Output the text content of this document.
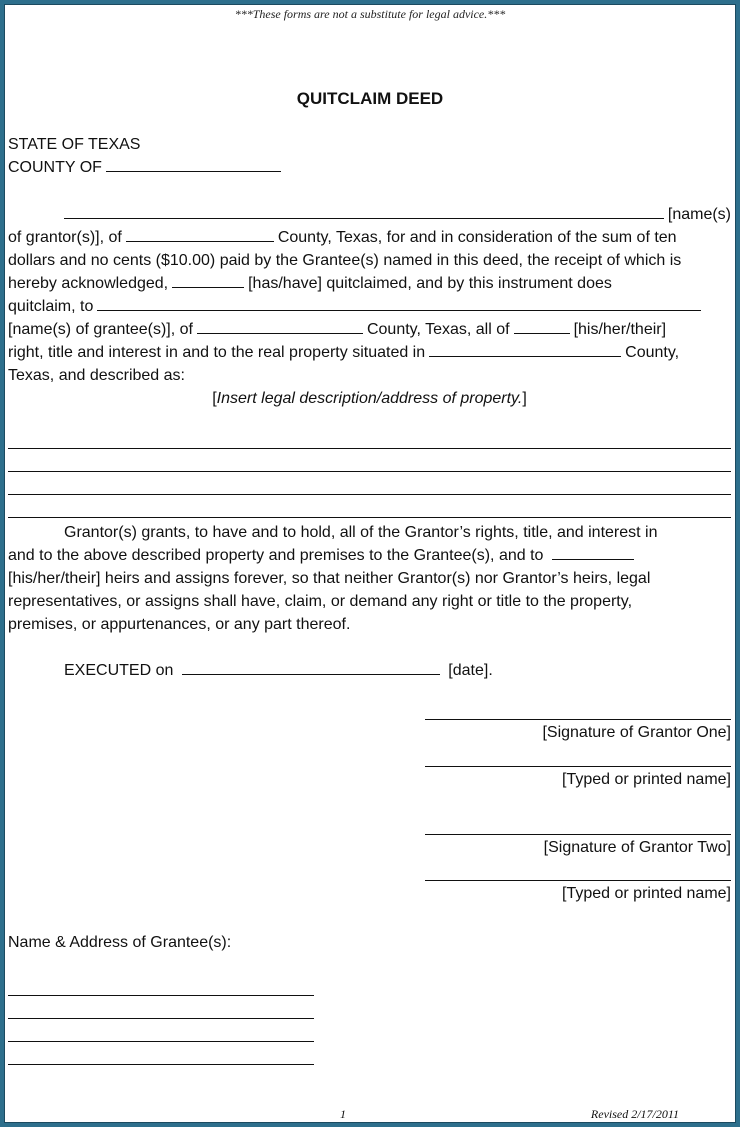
***These forms are not a substitute for legal advice.***
QUITCLAIM DEED
STATE OF TEXAS
COUNTY OF
[name(s)
of grantor(s)], of	County, Texas, for and in consideration of the sum of ten
dollars and no cents ($10.00) paid by the Grantee(s) named in this deed, the receipt of which is
hereby acknowledged,	[has/have] quitclaimed, and by this instrument does
quitclaim, to
[name(s) of grantee(s)], of	County, Texas, all of	[his/her/their]
right, title and interest in and to the real property situated in	County,
Texas, and described as:
[Insert legal description/address of property.]
Grantor(s) grants, to have and to hold, all of the Grantor’s rights, title, and interest in
and to the above described property and premises to the Grantee(s), and to
[his/her/their] heirs and assigns forever, so that neither Grantor(s) nor Grantor’s heirs, legal
representatives, or assigns shall have, claim, or demand any right or title to the property,
premises, or appurtenances, or any part thereof.
EXECUTED on	[date].
[Signature of Grantor One]
[Typed or printed name]
[Signature of Grantor Two]
[Typed or printed name]
Name & Address of Grantee(s):
1	Revised 2/17/2011
